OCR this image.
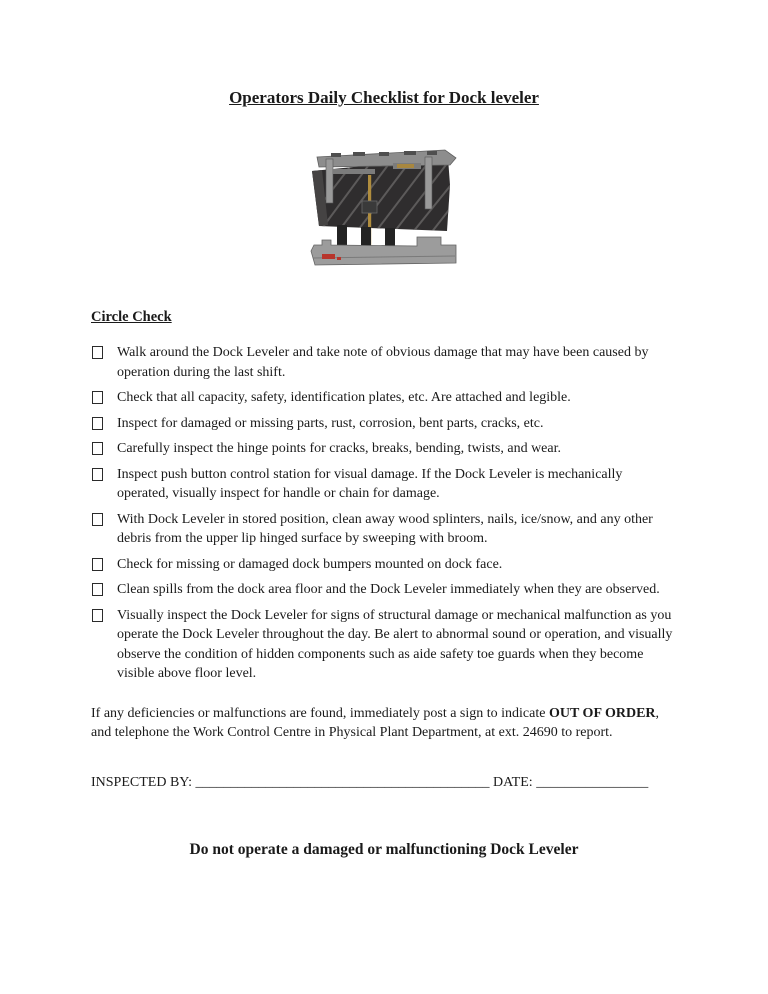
Operators Daily Checklist for Dock leveler
Circle Check
Walk around the Dock Leveler and take note of obvious damage that may have been caused by operation during the last shift.
Check that all capacity, safety, identification plates, etc. Are attached and legible.
Inspect for damaged or missing parts, rust, corrosion, bent parts, cracks, etc.
Carefully inspect the hinge points for cracks, breaks, bending, twists, and wear.
Inspect push button control station for visual damage. If the Dock Leveler is mechanically operated, visually inspect for handle or chain for damage.
With Dock Leveler in stored position, clean away wood splinters, nails, ice/snow, and any other debris from the upper lip hinged surface by sweeping with broom.
Check for missing or damaged dock bumpers mounted on dock face.
Clean spills from the dock area floor and the Dock Leveler immediately when they are observed.
Visually inspect the Dock Leveler for signs of structural damage or mechanical malfunction as you operate the Dock Leveler throughout the day. Be alert to abnormal sound or operation, and visually observe the condition of hidden components such as aide safety toe guards when they become visible above floor level.

If any deficiencies or malfunctions are found, immediately post a sign to indicate OUT OF ORDER, and telephone the Work Control Centre in Physical Plant Department, at ext. 24690 to report.

INSPECTED BY: __________________________________________ DATE: ________________
Do not operate a damaged or malfunctioning Dock Leveler
